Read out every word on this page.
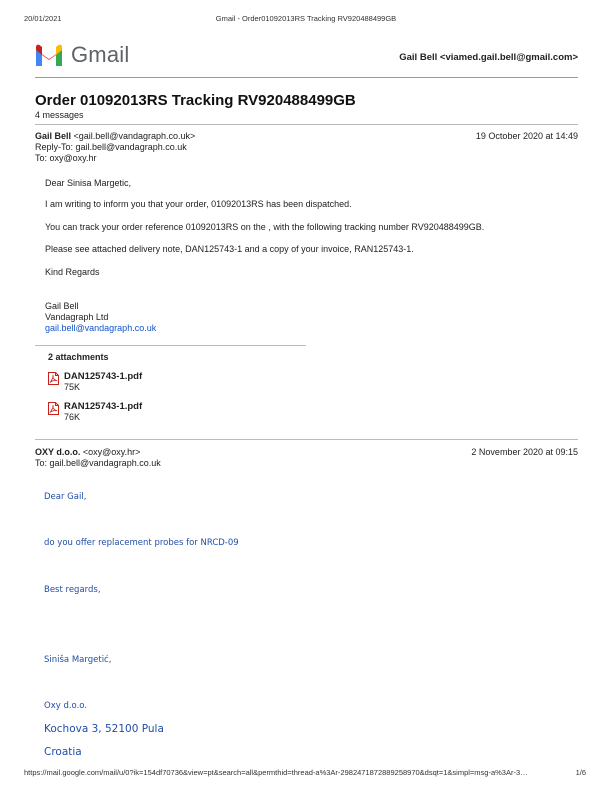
20/01/2021	Gmail - Order01092013RS Tracking RV920488499GB
Gmail	Gail Bell <viamed.gail.bell@gmail.com>
Order 01092013RS Tracking RV920488499GB
4 messages
Gail Bell <gail.bell@vandagraph.co.uk>	19 October 2020 at 14:49
Reply-To: gail.bell@vandagraph.co.uk
To: oxy@oxy.hr
Dear Sinisa Margetic,
I am writing to inform you that your order, 01092013RS has been dispatched.
You can track your order reference 01092013RS on the , with the following tracking number RV920488499GB.
Please see attached delivery note, DAN125743-1 and a copy of your invoice, RAN125743-1.
Kind Regards
Gail Bell
Vandagraph Ltd
gail.bell@vandagraph.co.uk
2 attachments
DAN125743-1.pdf
75K
RAN125743-1.pdf
76K
OXY d.o.o. <oxy@oxy.hr>	2 November 2020 at 09:15
To: gail.bell@vandagraph.co.uk
Dear Gail,
do you offer replacement probes for NRCD-09
Best regards,
Siniša Margetić,
Oxy d.o.o.
Kochova 3, 52100 Pula
Croatia
https://mail.google.com/mail/u/0?ik=154df70736&view=pt&search=all&permthid=thread-a%3Ar-2982471872889258970&dsqt=1&simpl=msg-a%3Ar-3…	1/6
